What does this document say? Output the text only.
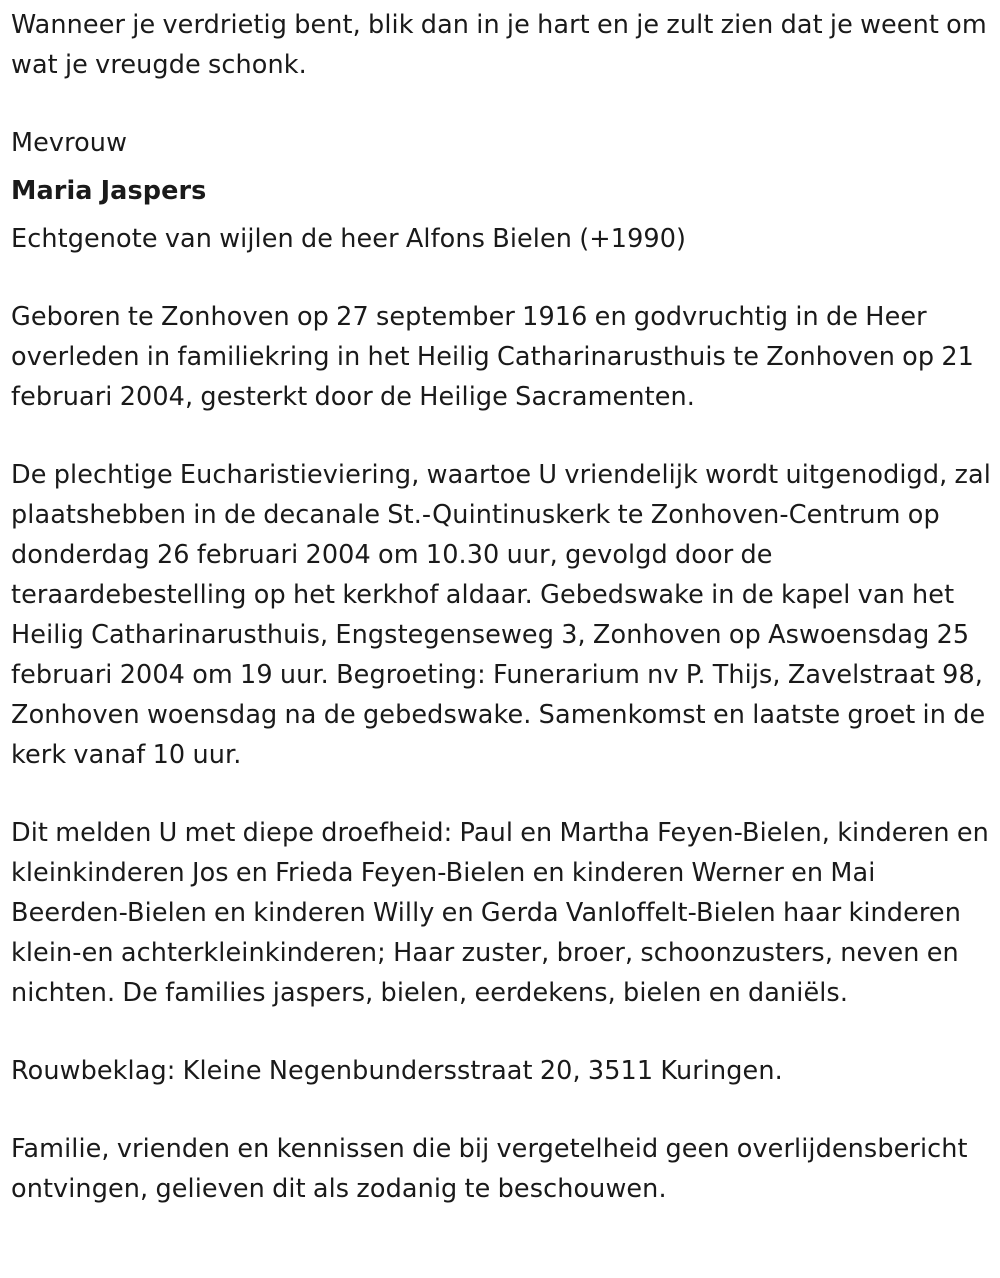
Wanneer je verdrietig bent, blik dan in je hart en je zult zien dat je weent om wat je vreugde schonk.

Mevrouw

Maria Jaspers

Echtgenote van wijlen de heer Alfons Bielen (+1990)

Geboren te Zonhoven op 27 september 1916 en godvruchtig in de Heer overleden in familiekring in het Heilig Catharinarusthuis te Zonhoven op 21 februari 2004, gesterkt door de Heilige Sacramenten.

De plechtige Eucharistieviering, waartoe U vriendelijk wordt uitgenodigd, zal plaatshebben in de decanale St.-Quintinuskerk te Zonhoven-Centrum op donderdag 26 februari 2004 om 10.30 uur, gevolgd door de teraardebestelling op het kerkhof aldaar. Gebedswake in de kapel van het Heilig Catharinarusthuis, Engstegenseweg 3, Zonhoven op Aswoensdag 25 februari 2004 om 19 uur. Begroeting: Funerarium nv P. Thijs, Zavelstraat 98, Zonhoven woensdag na de gebedswake. Samenkomst en laatste groet in de kerk vanaf 10 uur.

Dit melden U met diepe droefheid: Paul en Martha Feyen-Bielen, kinderen en kleinkinderen Jos en Frieda Feyen-Bielen en kinderen Werner en Mai Beerden-Bielen en kinderen Willy en Gerda Vanloffelt-Bielen haar kinderen klein-en achterkleinkinderen; Haar zuster, broer, schoonzusters, neven en nichten. De families jaspers, bielen, eerdekens, bielen en daniëls.

Rouwbeklag: Kleine Negenbundersstraat 20, 3511 Kuringen.

Familie, vrienden en kennissen die bij vergetelheid geen overlijdensbericht ontvingen, gelieven dit als zodanig te beschouwen.
